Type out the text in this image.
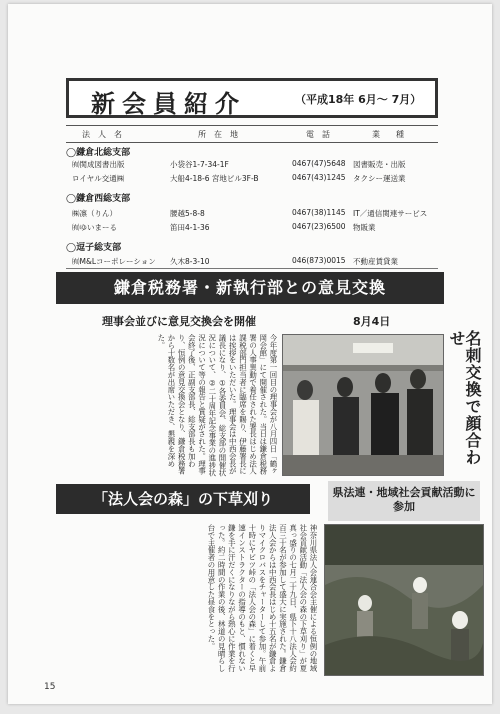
新会員紹介	（平成18年 6月〜 7月）
法　人　名	所　在　地	電　話	業　　種
◯鎌倉北総支部
㈲関成図書出版	小袋谷1-7-34-1F	0467(47)5648 図書販売・出版
ロイヤル交通㈱	大船4-18-6 宮地ビル3F-B	0467(43)1245 タクシー運送業
◯鎌倉西総支部
㈱凛（りん）	腰越5-8-8	0467(38)1145 IT／通信関連サービス
㈲ゆいまーる	笛田4-1-36	0467(23)6500 物販業
◯逗子総支部
㈲M&Lコーポレーション 久木8-3-10	046(873)0015 不動産賃貸業
鎌倉税務署・新執行部との意見交換
理事会並びに意見交換会を開催	8月4日
今年度第一回目の理事会が八月四日「鶴ヶ岡会館」にて開催された。当日は鎌倉税務署の人事異動で着任された署長はじめ法人課税部門担当者に臨席を賜り、伊藤署長には挨拶をいただいた。理事会は中西会長が議長になり、①各委員会、総支部の開催状況について、②二十周年記念事業の進捗状況について等の報告と質疑がされた。理事会終了後、正副支部長、総支部長も加わり、恒例の意見交換会となり、鎌倉税務署から十数名が出席いただき、懇親を深めた。	名刺交換で顔合わせ
「法人会の森」の下草刈り	県法連・地域社会貢献活動に参加
神奈川県法人会連合会主催による恒例の地域社会貢献活動「法人会の森の下草刈り」が夏真っ盛りの七月二十九日、県下十八法人会約百三十名が参加して盛大に実施された。鎌倉法人会からは中西会長はじめ十五名が鎌倉よりマイクロバスをチャーターして参加。午前十時にヤビツ峠の「法人会の森」に着くと早速インストラクターの指導のもと、慣れない鎌を手に汗だくになりながら熱心に作業を行った。約二時間の作業の後、林道の見晴らし台で主催者の用意した昼食をとった。
15
